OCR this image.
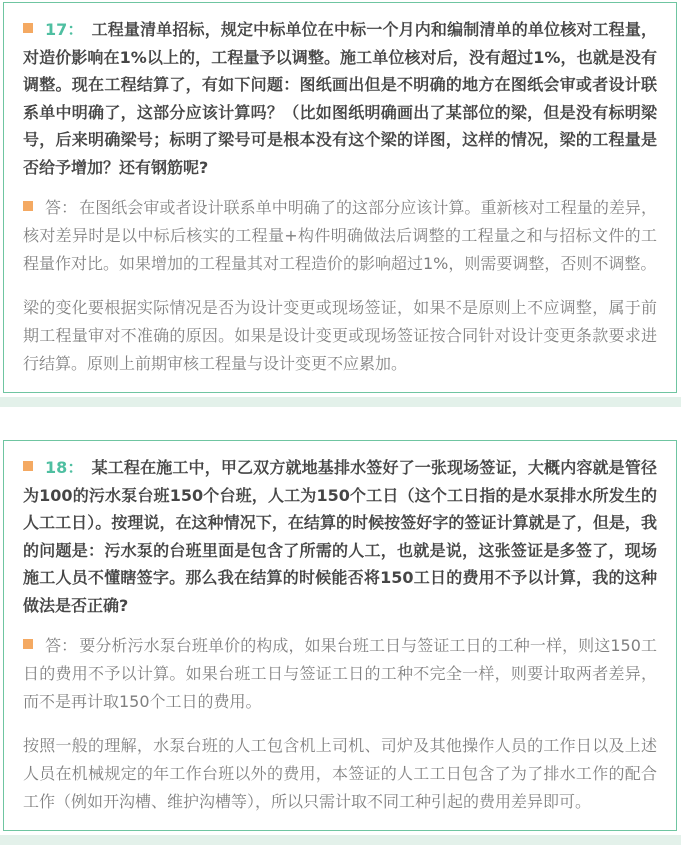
17： 工程量清单招标，规定中标单位在中标一个月内和编制清单的单位核对工程量，对造价影响在1%以上的，工程量予以调整。施工单位核对后，没有超过1%，也就是没有调整。现在工程结算了，有如下问题：图纸画出但是不明确的地方在图纸会审或者设计联系单中明确了，这部分应该计算吗？（比如图纸明确画出了某部位的梁，但是没有标明梁号，后来明确梁号；标明了梁号可是根本没有这个梁的详图，这样的情况，梁的工程量是否给予增加？还有钢筋呢?

答： 在图纸会审或者设计联系单中明确了的这部分应该计算。重新核对工程量的差异，核对差异时是以中标后核实的工程量+构件明确做法后调整的工程量之和与招标文件的工程量作对比。如果增加的工程量其对工程造价的影响超过1%，则需要调整，否则不调整。

梁的变化要根据实际情况是否为设计变更或现场签证，如果不是原则上不应调整，属于前期工程量审对不准确的原因。如果是设计变更或现场签证按合同针对设计变更条款要求进行结算。原则上前期审核工程量与设计变更不应累加。

18： 某工程在施工中，甲乙双方就地基排水签好了一张现场签证，大概内容就是管径为100的污水泵台班150个台班，人工为150个工日（这个工日指的是水泵排水所发生的人工工日）。按理说，在这种情况下，在结算的时候按签好字的签证计算就是了，但是，我的问题是：污水泵的台班里面是包含了所需的人工，也就是说，这张签证是多签了，现场施工人员不懂瞎签字。那么我在结算的时候能否将150工日的费用不予以计算，我的这种做法是否正确?

答： 要分析污水泵台班单价的构成，如果台班工日与签证工日的工种一样，则这150工日的费用不予以计算。如果台班工日与签证工日的工种不完全一样，则要计取两者差异，而不是再计取150个工日的费用。

按照一般的理解，水泵台班的人工包含机上司机、司炉及其他操作人员的工作日以及上述人员在机械规定的年工作台班以外的费用，本签证的人工工日包含了为了排水工作的配合工作（例如开沟槽、维护沟槽等），所以只需计取不同工种引起的费用差异即可。
